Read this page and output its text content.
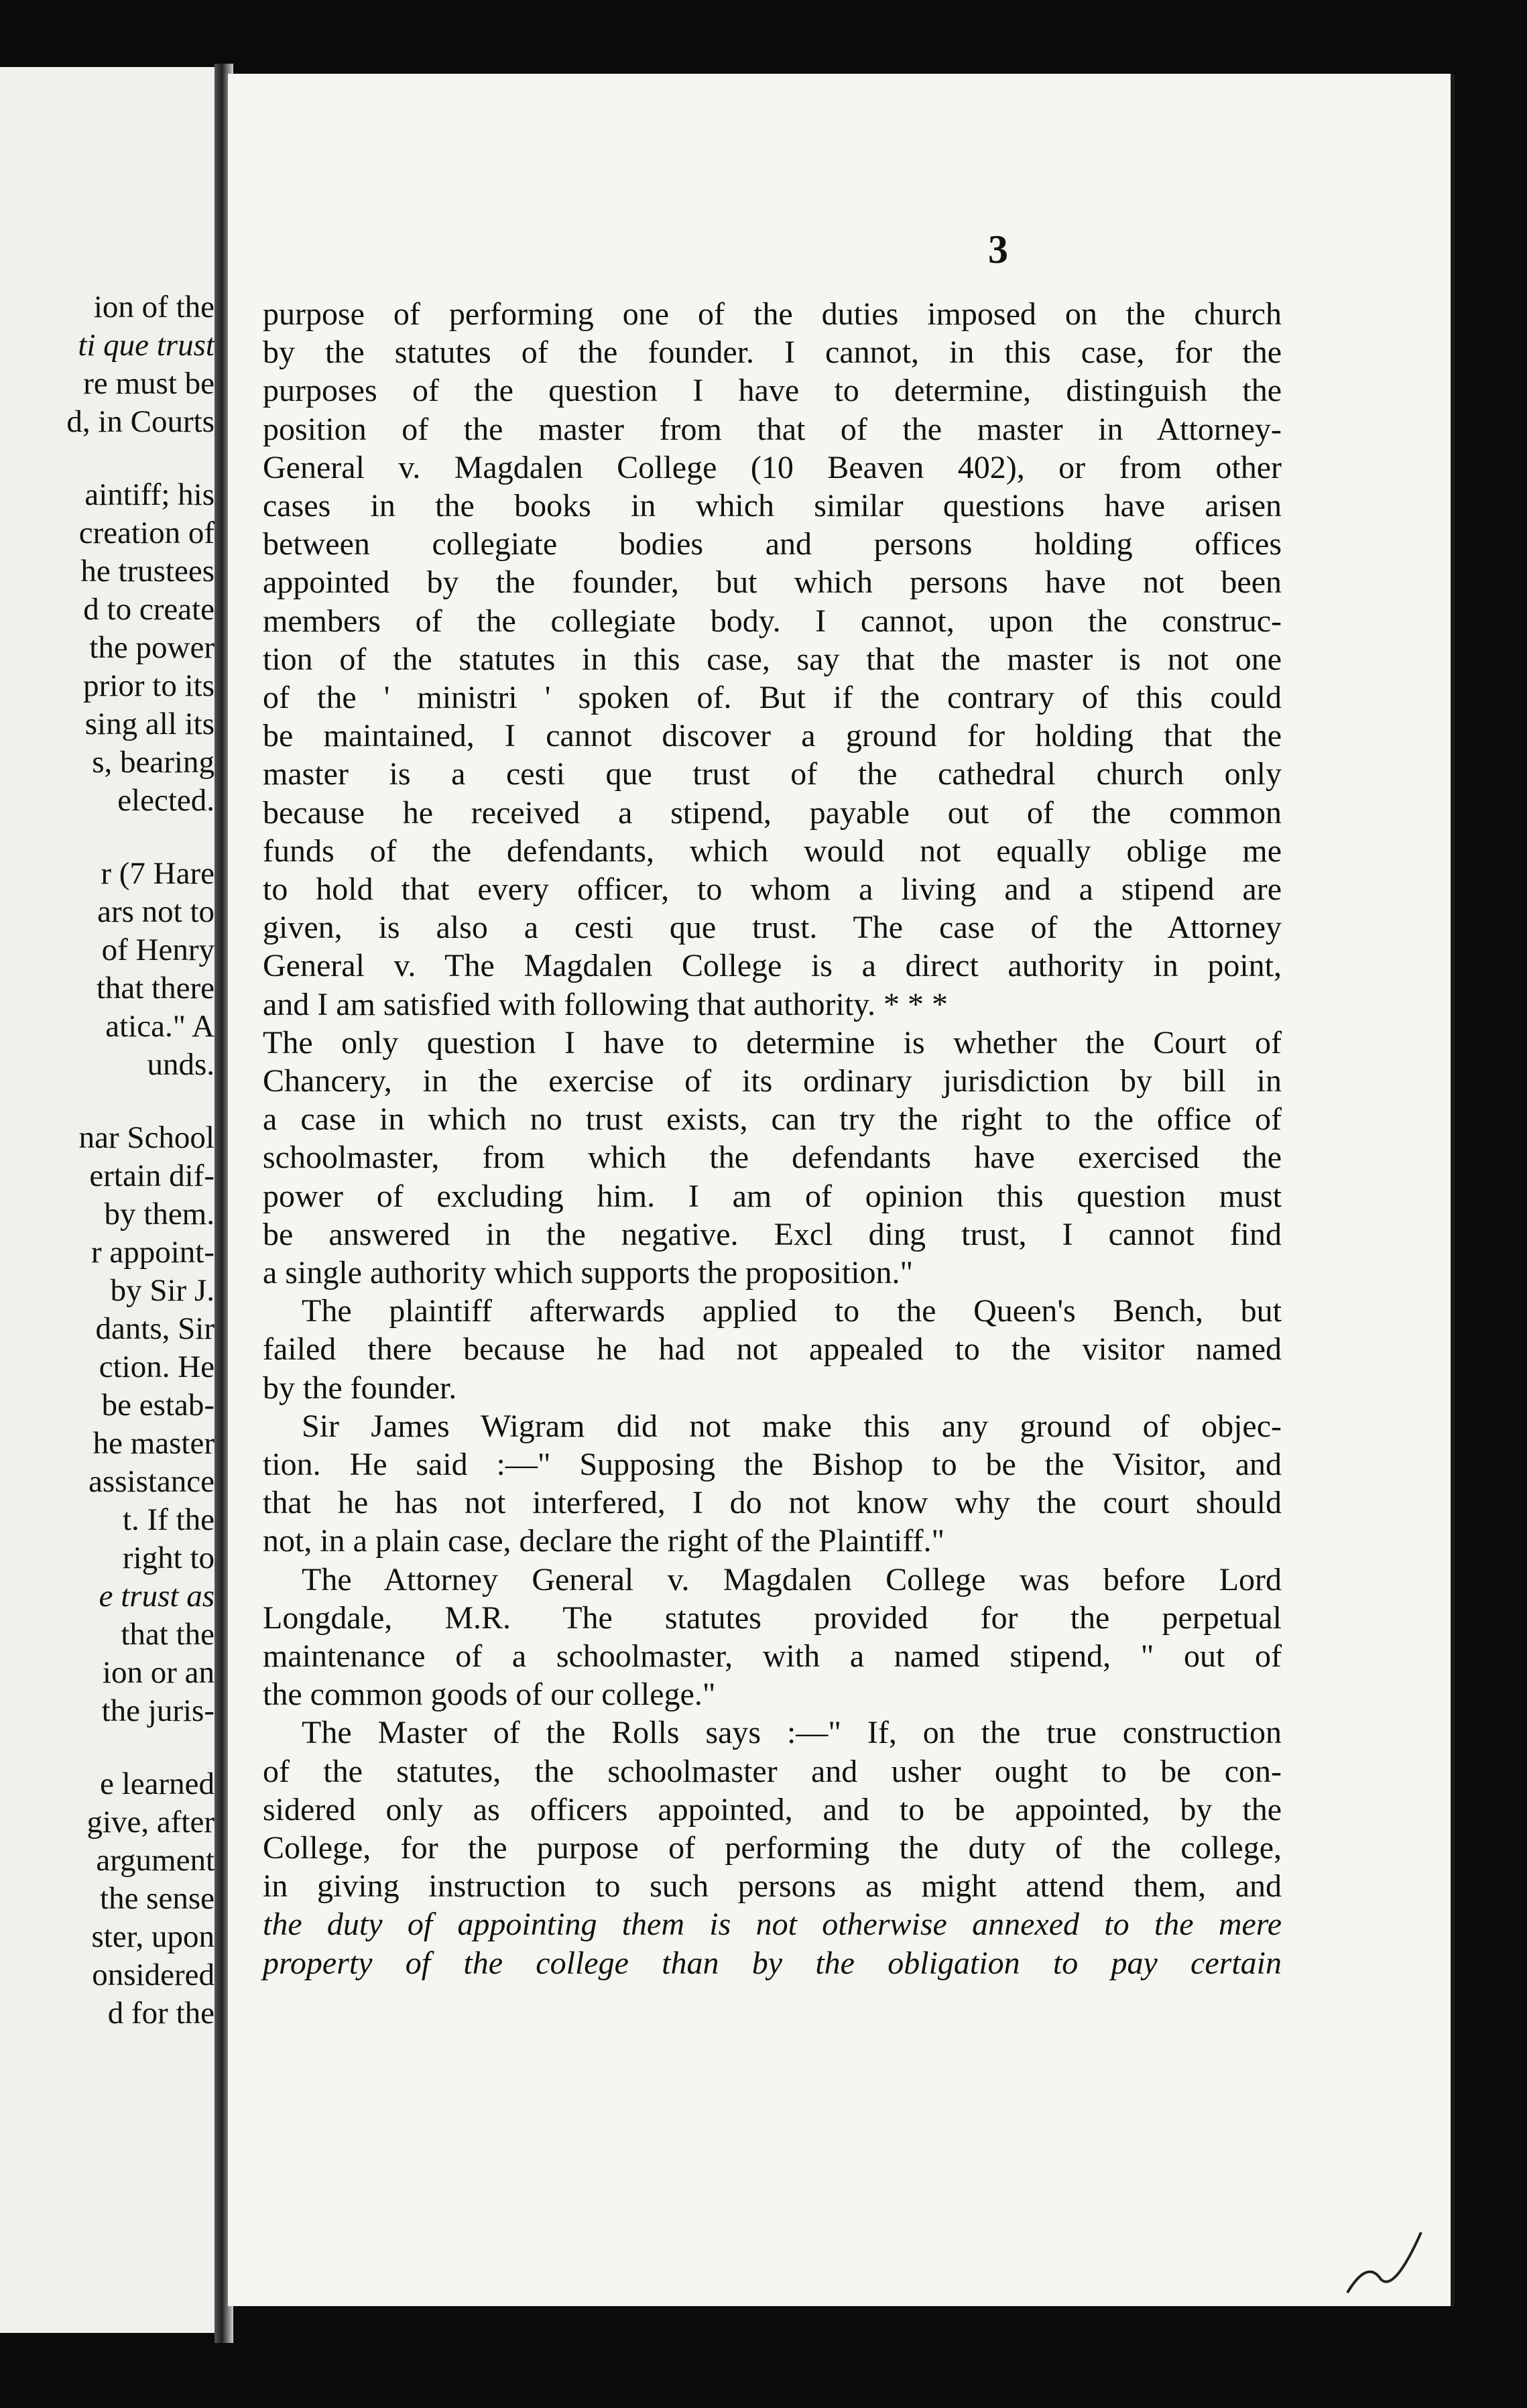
ion of the
ti que trust
re must be
d, in Courts
aintiff; his
creation of
he trustees
d to create
the power
prior to its
sing all its
s, bearing
elected.
r (7 Hare
ars not to
of Henry
that there
atica." A
unds.
nar School
ertain dif-
by them.
r appoint-
by Sir J.
dants, Sir
ction. He
be estab-
he master
assistance
t. If the
right to
e trust as
that the
ion or an
the juris-
e learned
give, after
argument
the sense
ster, upon
onsidered
d for the
3
purpose of performing one of the duties imposed on the church
by the statutes of the founder. I cannot, in this case, for the
purposes of the question I have to determine, distinguish the
position of the master from that of the master in Attorney-
General v. Magdalen College (10 Beaven 402), or from other
cases in the books in which similar questions have arisen
between collegiate bodies and persons holding offices
appointed by the founder, but which persons have not been
members of the collegiate body. I cannot, upon the construc-
tion of the statutes in this case, say that the master is not one
of the ' ministri ' spoken of. But if the contrary of this could
be maintained, I cannot discover a ground for holding that the
master is a cesti que trust of the cathedral church only
because he received a stipend, payable out of the common
funds of the defendants, which would not equally oblige me
to hold that every officer, to whom a living and a stipend are
given, is also a cesti que trust. The case of the Attorney
General v. The Magdalen College is a direct authority in point,
and I am satisfied with following that authority. * * *
The only question I have to determine is whether the Court of
Chancery, in the exercise of its ordinary jurisdiction by bill in
a case in which no trust exists, can try the right to the office of
schoolmaster, from which the defendants have exercised the
power of excluding him. I am of opinion this question must
be answered in the negative. Excl ding trust, I cannot find
a single authority which supports the proposition."
The plaintiff afterwards applied to the Queen's Bench, but
failed there because he had not appealed to the visitor named
by the founder.
Sir James Wigram did not make this any ground of objec-
tion. He said :—" Supposing the Bishop to be the Visitor, and
that he has not interfered, I do not know why the court should
not, in a plain case, declare the right of the Plaintiff."
The Attorney General v. Magdalen College was before Lord
Longdale, M.R. The statutes provided for the perpetual
maintenance of a schoolmaster, with a named stipend, " out of
the common goods of our college."
The Master of the Rolls says :—" If, on the true construction
of the statutes, the schoolmaster and usher ought to be con-
sidered only as officers appointed, and to be appointed, by the
College, for the purpose of performing the duty of the college,
in giving instruction to such persons as might attend them, and
the duty of appointing them is not otherwise annexed to the mere
property of the college than by the obligation to pay certain
